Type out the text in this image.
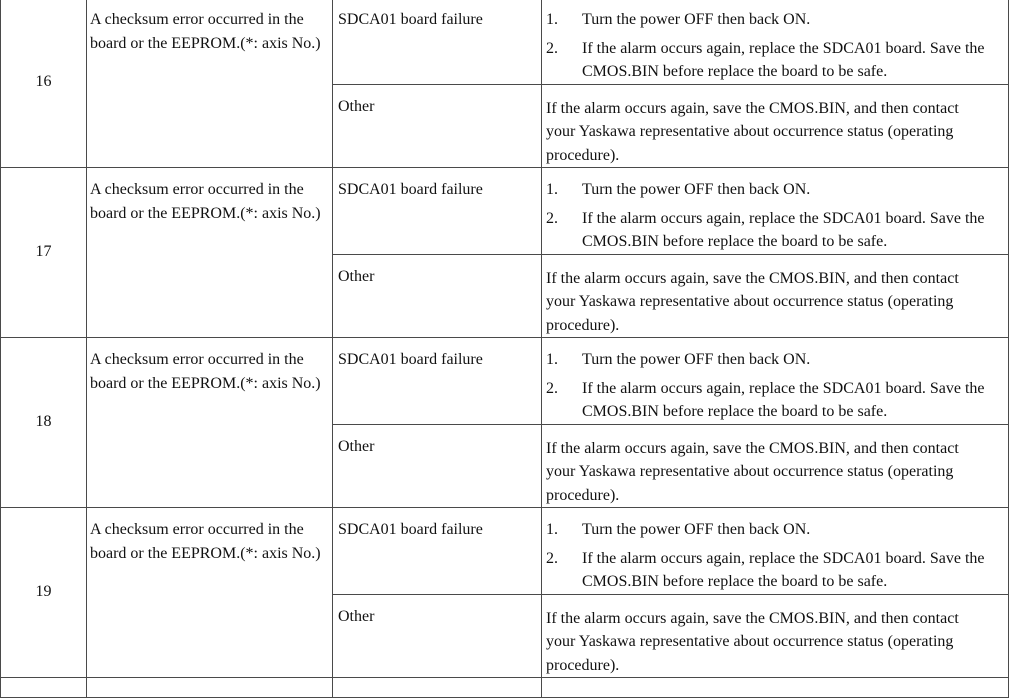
16	A checksum error occurred in the board or the EEPROM.(*: axis No.)	SDCA01 board failure	1. Turn the power OFF then back ON.
2. If the alarm occurs again, replace the SDCA01 board. Save the CMOS.BIN before replace the board to be safe.

		Other	If the alarm occurs again, save the CMOS.BIN, and then contact your Yaskawa representative about occurrence status (operating procedure).
17	A checksum error occurred in the board or the EEPROM.(*: axis No.)	SDCA01 board failure	1. Turn the power OFF then back ON.
2. If the alarm occurs again, replace the SDCA01 board. Save the CMOS.BIN before replace the board to be safe.

		Other	If the alarm occurs again, save the CMOS.BIN, and then contact your Yaskawa representative about occurrence status (operating procedure).
18	A checksum error occurred in the board or the EEPROM.(*: axis No.)	SDCA01 board failure	1. Turn the power OFF then back ON.
2. If the alarm occurs again, replace the SDCA01 board. Save the CMOS.BIN before replace the board to be safe.

		Other	If the alarm occurs again, save the CMOS.BIN, and then contact your Yaskawa representative about occurrence status (operating procedure).
19	A checksum error occurred in the board or the EEPROM.(*: axis No.)	SDCA01 board failure	1. Turn the power OFF then back ON.
2. If the alarm occurs again, replace the SDCA01 board. Save the CMOS.BIN before replace the board to be safe.

		Other	If the alarm occurs again, save the CMOS.BIN, and then contact your Yaskawa representative about occurrence status (operating procedure).
